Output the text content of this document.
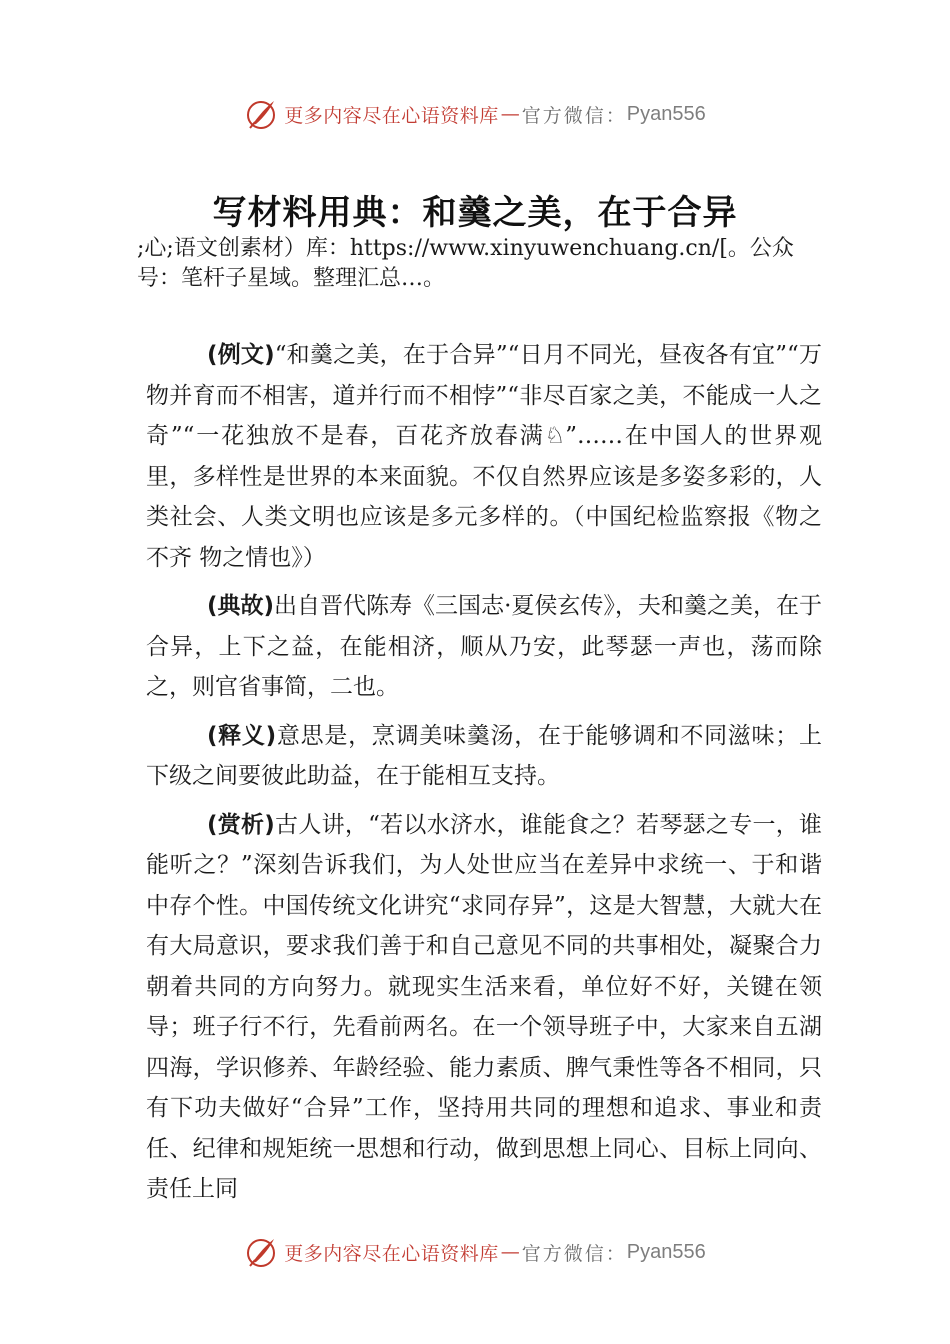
更多内容尽在心语资料库 — 官方微信： Pyan556
写材料用典：和羹之美，在于合异
;心;语文创素材）库：https://www.xinyuwenchuang.cn/[。公众号：笔杆子星域。整理汇总…。

(例文)“和羹之美，在于合异”“日月不同光，昼夜各有宜”“万物并育而不相害，道并行而不相悖”“非尽百家之美，不能成一人之奇”“一花独放不是春，百花齐放春满♘”……在中国人的世界观里，多样性是世界的本来面貌。不仅自然界应该是多姿多彩的，人类社会、人类文明也应该是多元多样的。（中国纪检监察报《物之不齐 物之情也》）

(典故)出自晋代陈寿《三国志·夏侯玄传》，夫和羹之美，在于合异，上下之益，在能相济，顺从乃安，此琴瑟一声也，荡而除之，则官省事简，二也。

(释义)意思是，烹调美味羹汤，在于能够调和不同滋味；上下级之间要彼此助益，在于能相互支持。

(赏析)古人讲，“若以水济水，谁能食之？若琴瑟之专一，谁能听之？”深刻告诉我们，为人处世应当在差异中求统一、于和谐中存个性。中国传统文化讲究“求同存异”，这是大智慧，大就大在有大局意识，要求我们善于和自己意见不同的共事相处，凝聚合力朝着共同的方向努力。就现实生活来看，单位好不好，关键在领导；班子行不行，先看前两名。在一个领导班子中，大家来自五湖四海，学识修养、年龄经验、能力素质、脾气秉性等各不相同，只有下功夫做好“合异”工作，坚持用共同的理想和追求、事业和责任、纪律和规矩统一思想和行动，做到思想上同心、目标上同向、责任上同

更多内容尽在心语资料库 — 官方微信： Pyan556
